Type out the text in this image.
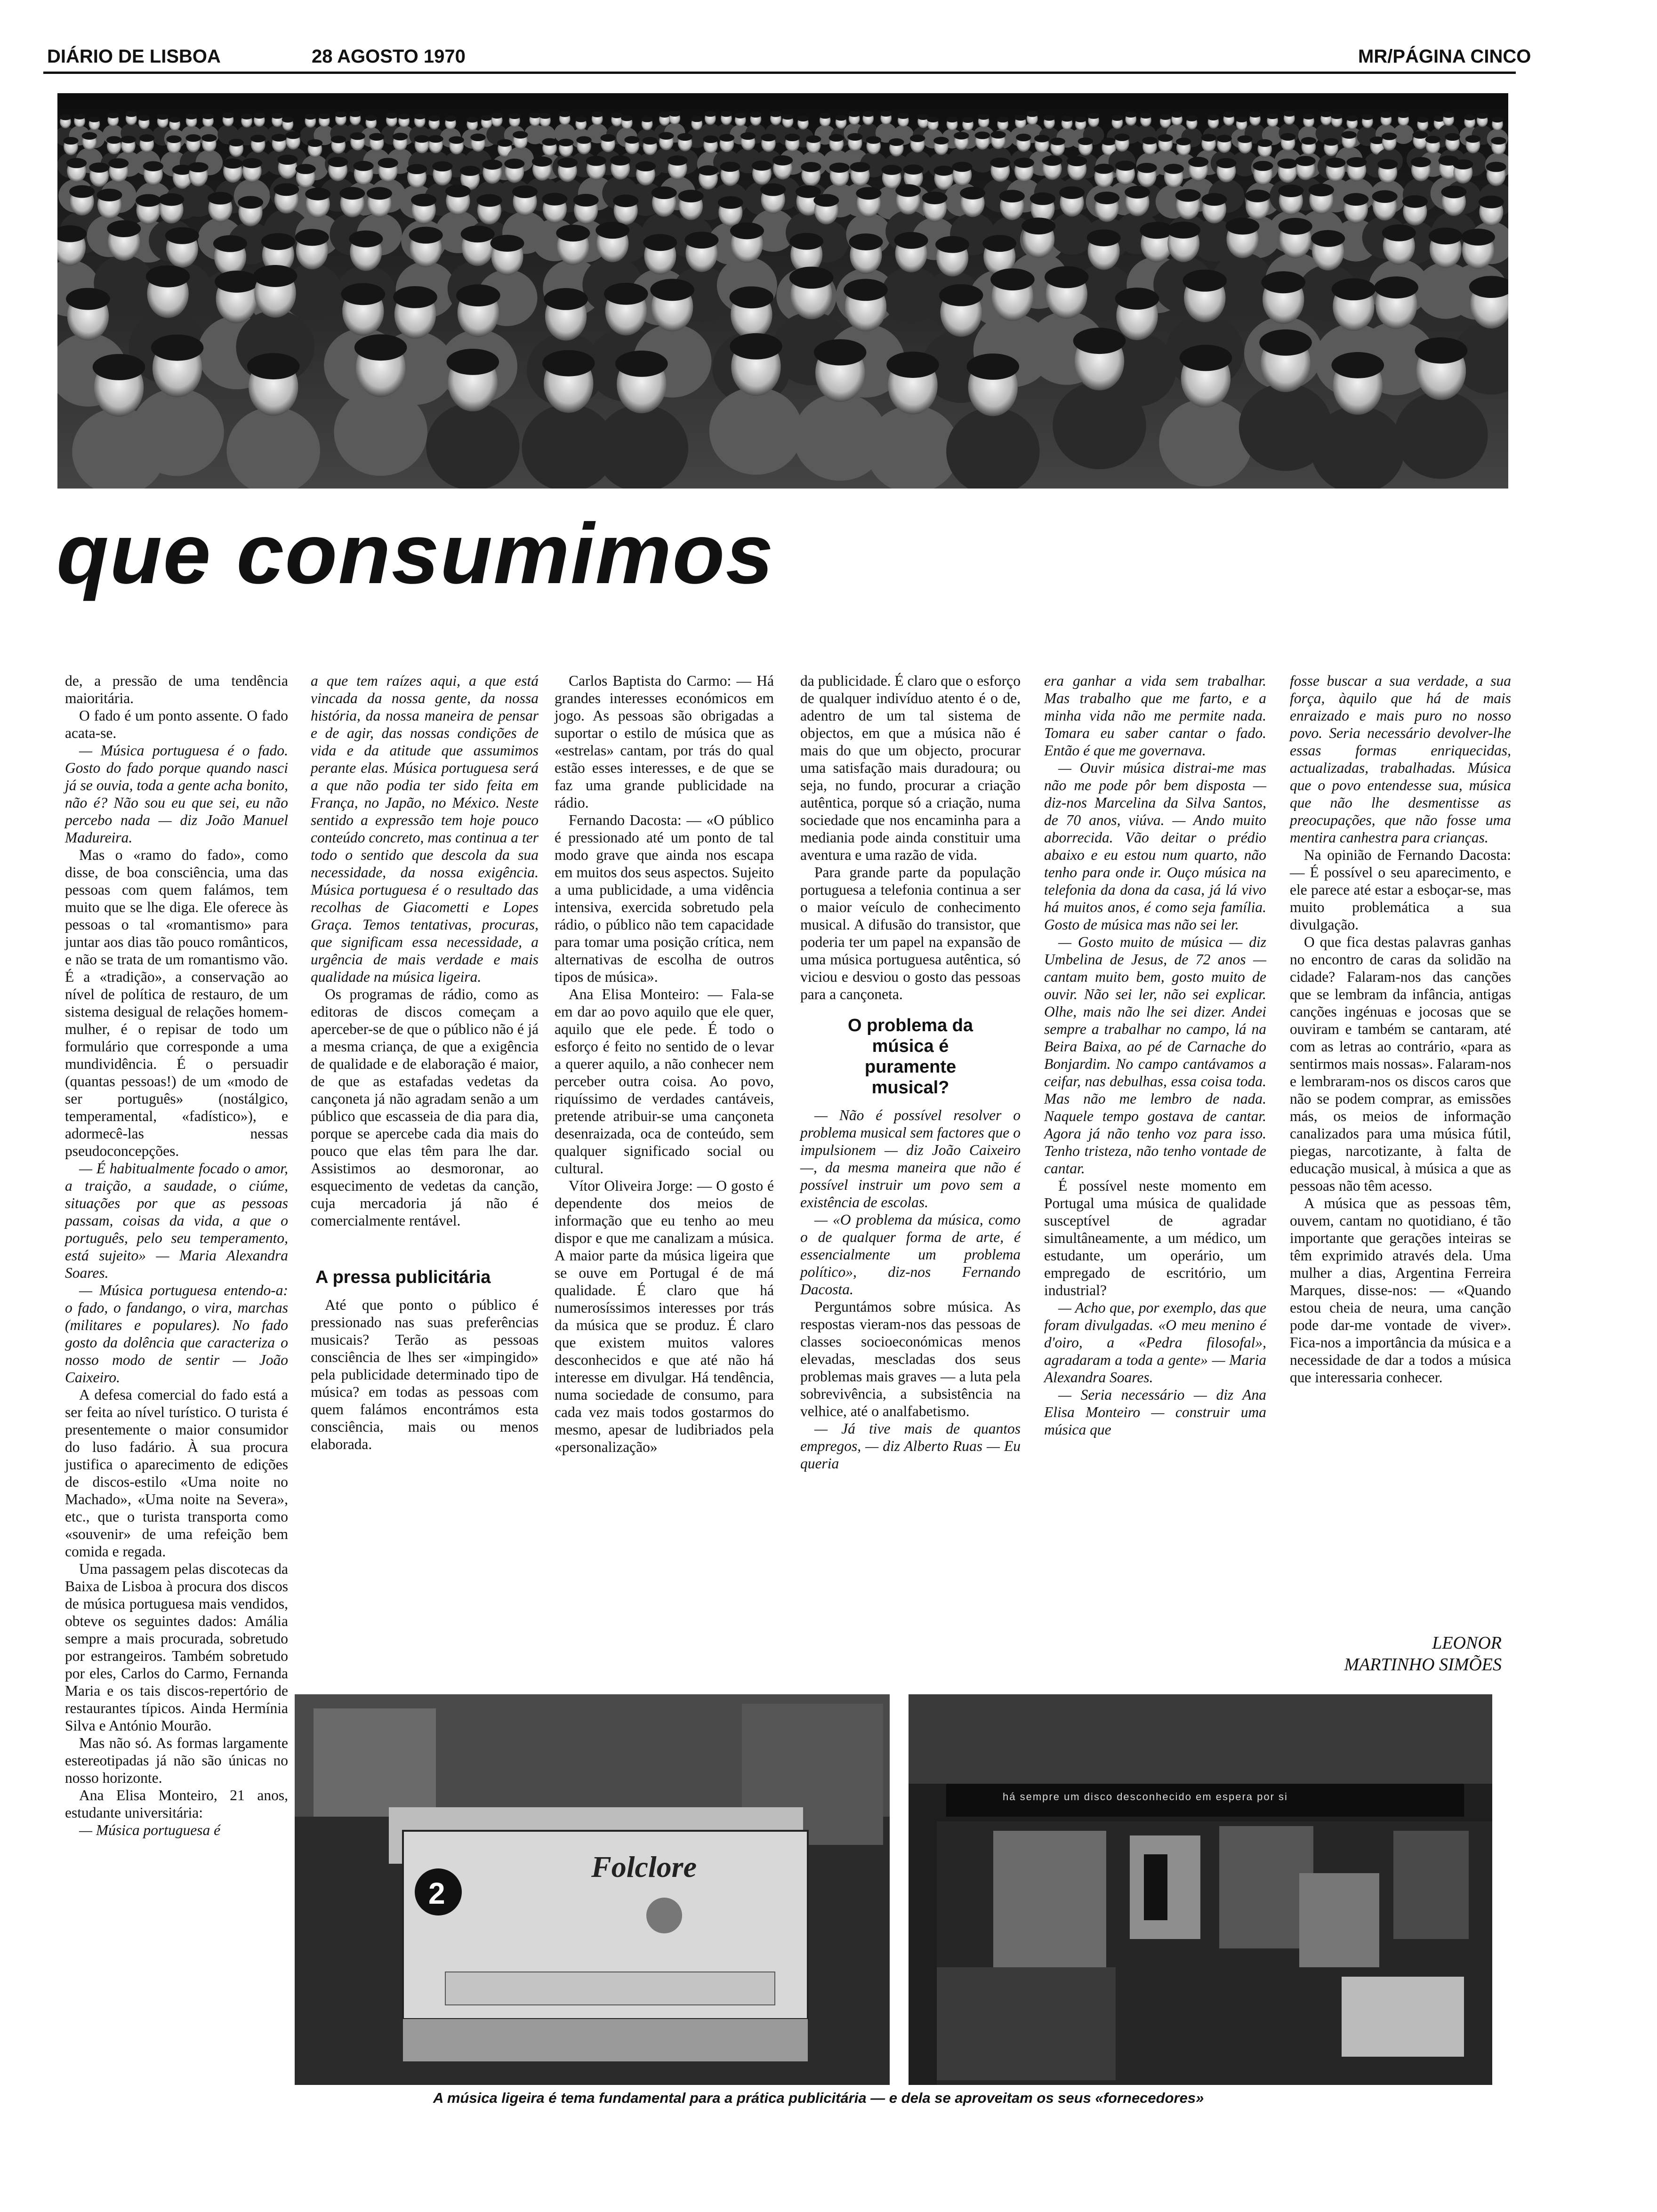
DIÁRIO DE LISBOA	28 AGOSTO 1970	MR/PÁGINA CINCO
que consumimos

de, a pressão de uma tendência maioritária.

O fado é um ponto assente. O fado acata-se.

— Música portuguesa é o fado. Gosto do fado porque quando nasci já se ouvia, toda a gente acha bonito, não é? Não sou eu que sei, eu não percebo nada — diz João Manuel Madureira.

Mas o «ramo do fado», como disse, de boa consciência, uma das pessoas com quem falámos, tem muito que se lhe diga. Ele oferece às pessoas o tal «romantismo» para juntar aos dias tão pouco românticos, e não se trata de um romantismo vão. É a «tradição», a conservação ao nível de política de restauro, de um sistema desigual de relações homem-mulher, é o repisar de todo um formulário que corresponde a uma mundividência. É o persuadir (quantas pessoas!) de um «modo de ser português» (nostálgico, temperamental, «fadístico»), e adormecê-las nessas pseudoconcepções.

— É habitualmente focado o amor, a traição, a saudade, o ciúme, situações por que as pessoas passam, coisas da vida, a que o português, pelo seu temperamento, está sujeito» — Maria Alexandra Soares.

— Música portuguesa entendo-a: o fado, o fandango, o vira, marchas (militares e populares). No fado gosto da dolência que caracteriza o nosso modo de sentir — João Caixeiro.

A defesa comercial do fado está a ser feita ao nível turístico. O turista é presentemente o maior consumidor do luso fadário. À sua procura justifica o aparecimento de edições de discos-estilo «Uma noite no Machado», «Uma noite na Severa», etc., que o turista transporta como «souvenir» de uma refeição bem comida e regada.

Uma passagem pelas discotecas da Baixa de Lisboa à procura dos discos de música portuguesa mais vendidos, obteve os seguintes dados: Amália sempre a mais procurada, sobretudo por estrangeiros. Também sobretudo por eles, Carlos do Carmo, Fernanda Maria e os tais discos-repertório de restaurantes típicos. Ainda Hermínia Silva e António Mourão.

Mas não só. As formas largamente estereotipadas já não são únicas no nosso horizonte.

Ana Elisa Monteiro, 21 anos, estudante universitária:

— Música portuguesa é

a que tem raízes aqui, a que está vincada da nossa gente, da nossa história, da nossa maneira de pensar e de agir, das nossas condições de vida e da atitude que assumimos perante elas. Música portuguesa será a que não podia ter sido feita em França, no Japão, no México. Neste sentido a expressão tem hoje pouco conteúdo concreto, mas continua a ter todo o sentido que descola da sua necessidade, da nossa exigência. Música portuguesa é o resultado das recolhas de Giacometti e Lopes Graça. Temos tentativas, procuras, que significam essa necessidade, a urgência de mais verdade e mais qualidade na música ligeira.

Os programas de rádio, como as editoras de discos começam a aperceber-se de que o público não é já a mesma criança, de que a exigência de qualidade e de elaboração é maior, de que as estafadas vedetas da cançoneta já não agradam senão a um público que escasseia de dia para dia, porque se apercebe cada dia mais do pouco que elas têm para lhe dar. Assistimos ao desmoronar, ao esquecimento de vedetas da canção, cuja mercadoria já não é comercialmente rentável.

A pressa publicitária

Até que ponto o público é pressionado nas suas preferências musicais? Terão as pessoas consciência de lhes ser «impingido» pela publicidade determinado tipo de música? em todas as pessoas com quem falámos encontrámos esta consciência, mais ou menos elaborada.

Carlos Baptista do Carmo: — Há grandes interesses económicos em jogo. As pessoas são obrigadas a suportar o estilo de música que as «estrelas» cantam, por trás do qual estão esses interesses, e de que se faz uma grande publicidade na rádio.

Fernando Dacosta: — «O público é pressionado até um ponto de tal modo grave que ainda nos escapa em muitos dos seus aspectos. Sujeito a uma publicidade, a uma vidência intensiva, exercida sobretudo pela rádio, o público não tem capacidade para tomar uma posição crítica, nem alternativas de escolha de outros tipos de música».

Ana Elisa Monteiro: — Fala-se em dar ao povo aquilo que ele quer, aquilo que ele pede. É todo o esforço é feito no sentido de o levar a querer aquilo, a não conhecer nem perceber outra coisa. Ao povo, riquíssimo de verdades cantáveis, pretende atribuir-se uma cançoneta desenraizada, oca de conteúdo, sem qualquer significado social ou cultural.

Vítor Oliveira Jorge: — O gosto é dependente dos meios de informação que eu tenho ao meu dispor e que me canalizam a música. A maior parte da música ligeira que se ouve em Portugal é de má qualidade. É claro que há numerosíssimos interesses por trás da música que se produz. É claro que existem muitos valores desconhecidos e que até não há interesse em divulgar. Há tendência, numa sociedade de consumo, para cada vez mais todos gostarmos do mesmo, apesar de ludibriados pela «personalização»

da publicidade. É claro que o esforço de qualquer indivíduo atento é o de, adentro de um tal sistema de objectos, em que a música não é mais do que um objecto, procurar uma satisfação mais duradoura; ou seja, no fundo, procurar a criação autêntica, porque só a criação, numa sociedade que nos encaminha para a mediania pode ainda constituir uma aventura e uma razão de vida.

Para grande parte da população portuguesa a telefonia continua a ser o maior veículo de conhecimento musical. A difusão do transistor, que poderia ter um papel na expansão de uma música portuguesa autêntica, só viciou e desviou o gosto das pessoas para a cançoneta.

O problema da música é puramente musical?

— Não é possível resolver o problema musical sem factores que o impulsionem — diz João Caixeiro —, da mesma maneira que não é possível instruir um povo sem a existência de escolas.

— «O problema da música, como o de qualquer forma de arte, é essencialmente um problema político», diz-nos Fernando Dacosta.

Perguntámos sobre música. As respostas vieram-nos das pessoas de classes socioeconómicas menos elevadas, mescladas dos seus problemas mais graves — a luta pela sobrevivência, a subsistência na velhice, até o analfabetismo.

— Já tive mais de quantos empregos, — diz Alberto Ruas — Eu queria

era ganhar a vida sem trabalhar. Mas trabalho que me farto, e a minha vida não me permite nada. Tomara eu saber cantar o fado. Então é que me governava.

— Ouvir música distrai-me mas não me pode pôr bem disposta — diz-nos Marcelina da Silva Santos, de 70 anos, viúva. — Ando muito aborrecida. Vão deitar o prédio abaixo e eu estou num quarto, não tenho para onde ir. Ouço música na telefonia da dona da casa, já lá vivo há muitos anos, é como seja família. Gosto de música mas não sei ler.

— Gosto muito de música — diz Umbelina de Jesus, de 72 anos — cantam muito bem, gosto muito de ouvir. Não sei ler, não sei explicar. Olhe, mais não lhe sei dizer. Andei sempre a trabalhar no campo, lá na Beira Baixa, ao pé de Carnache do Bonjardim. No campo cantávamos a ceifar, nas debulhas, essa coisa toda. Mas não me lembro de nada. Naquele tempo gostava de cantar. Agora já não tenho voz para isso. Tenho tristeza, não tenho vontade de cantar.

É possível neste momento em Portugal uma música de qualidade susceptível de agradar simultâneamente, a um médico, um estudante, um operário, um empregado de escritório, um industrial?

— Acho que, por exemplo, das que foram divulgadas. «O meu menino é d'oiro, a «Pedra filosofal», agradaram a toda a gente» — Maria Alexandra Soares.

— Seria necessário — diz Ana Elisa Monteiro — construir uma música que

fosse buscar a sua verdade, a sua força, àquilo que há de mais enraizado e mais puro no nosso povo. Seria necessário devolver-lhe essas formas enriquecidas, actualizadas, trabalhadas. Música que o povo entendesse sua, música que não lhe desmentisse as preocupações, que não fosse uma mentira canhestra para crianças.

Na opinião de Fernando Dacosta: — É possível o seu aparecimento, e ele parece até estar a esboçar-se, mas muito problemática a sua divulgação.

O que fica destas palavras ganhas no encontro de caras da solidão na cidade? Falaram-nos das canções que se lembram da infância, antigas canções ingénuas e jocosas que se ouviram e também se cantaram, até com as letras ao contrário, «para as sentirmos mais nossas». Falaram-nos e lembraram-nos os discos caros que não se podem comprar, as emissões más, os meios de informação canalizados para uma música fútil, piegas, narcotizante, à falta de educação musical, à música a que as pessoas não têm acesso.

A música que as pessoas têm, ouvem, cantam no quotidiano, é tão importante que gerações inteiras se têm exprimido através dela. Uma mulher a dias, Argentina Ferreira Marques, disse-nos: — «Quando estou cheia de neura, uma canção pode dar-me vontade de viver». Fica-nos a importância da música e a necessidade de dar a todos a música que interessaria conhecer.

LEONOR
MARTINHO SIMÕES
Folclore
2
há sempre um disco desconhecido em espera por si
A música ligeira é tema fundamental para a prática publicitária — e dela se aproveitam os seus «fornecedores»
